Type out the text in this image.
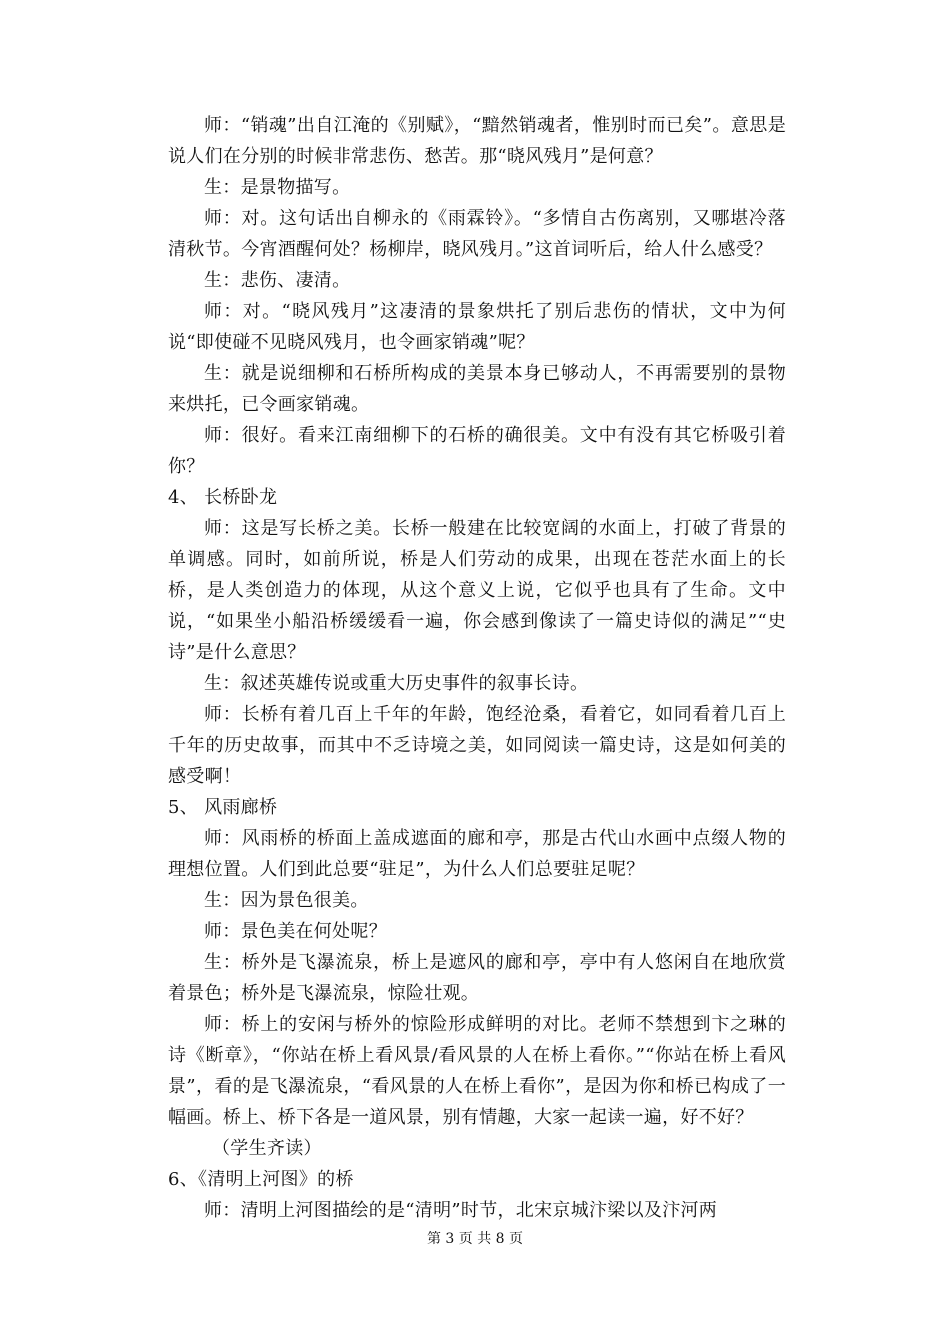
师：“销魂”出自江淹的《别赋》，“黯然销魂者，惟别时而已矣”。意思是说人们在分别的时候非常悲伤、愁苦。那“晓风残月”是何意？

生：是景物描写。

师：对。这句话出自柳永的《雨霖铃》。“多情自古伤离别，又哪堪冷落清秋节。今宵酒醒何处？杨柳岸，晓风残月。”这首词听后，给人什么感受？

生：悲伤、凄清。

师：对。“晓风残月”这凄清的景象烘托了别后悲伤的情状，文中为何说“即使碰不见晓风残月，也令画家销魂”呢？

生：就是说细柳和石桥所构成的美景本身已够动人，不再需要别的景物来烘托，已令画家销魂。

师：很好。看来江南细柳下的石桥的确很美。文中有没有其它桥吸引着你？

4、 长桥卧龙

师：这是写长桥之美。长桥一般建在比较宽阔的水面上，打破了背景的单调感。同时，如前所说，桥是人们劳动的成果，出现在苍茫水面上的长桥，是人类创造力的体现，从这个意义上说，它似乎也具有了生命。文中说，“如果坐小船沿桥缓缓看一遍，你会感到像读了一篇史诗似的满足”“史诗”是什么意思？

生：叙述英雄传说或重大历史事件的叙事长诗。

师：长桥有着几百上千年的年龄，饱经沧桑，看着它，如同看着几百上千年的历史故事，而其中不乏诗境之美，如同阅读一篇史诗，这是如何美的感受啊！

5、 风雨廊桥

师：风雨桥的桥面上盖成遮面的廊和亭，那是古代山水画中点缀人物的理想位置。人们到此总要“驻足”，为什么人们总要驻足呢？

生：因为景色很美。

师：景色美在何处呢？

生：桥外是飞瀑流泉，桥上是遮风的廊和亭，亭中有人悠闲自在地欣赏着景色；桥外是飞瀑流泉，惊险壮观。

师：桥上的安闲与桥外的惊险形成鲜明的对比。老师不禁想到卞之琳的诗《断章》，“你站在桥上看风景/看风景的人在桥上看你。”“你站在桥上看风景”，看的是飞瀑流泉，“看风景的人在桥上看你”，是因为你和桥已构成了一幅画。桥上、桥下各是一道风景，别有情趣，大家一起读一遍，好不好？

（学生齐读）

6、《清明上河图》的桥

师：清明上河图描绘的是“清明”时节，北宋京城汴梁以及汴河两

第 3 页 共 8 页
